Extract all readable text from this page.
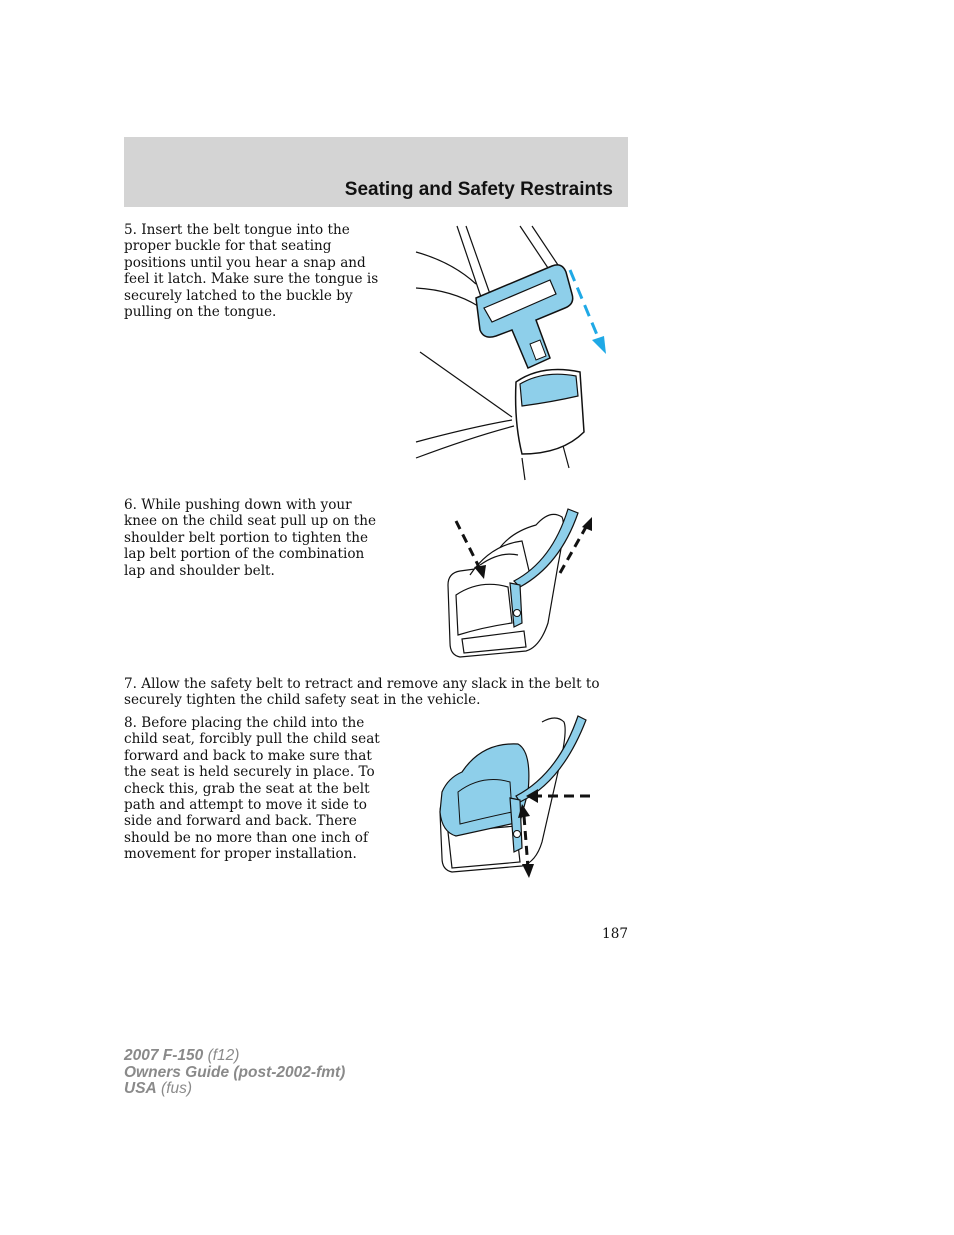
Seating and Safety Restraints

5. Insert the belt tongue into the proper buckle for that seating positions until you hear a snap and feel it latch. Make sure the tongue is securely latched to the buckle by pulling on the tongue.

6. While pushing down with your knee on the child seat pull up on the shoulder belt portion to tighten the lap belt portion of the combination lap and shoulder belt.

7. Allow the safety belt to retract and remove any slack in the belt to securely tighten the child safety seat in the vehicle.

8. Before placing the child into the child seat, forcibly pull the child seat forward and back to make sure that the seat is held securely in place. To check this, grab the seat at the belt path and attempt to move it side to side and forward and back. There should be no more than one inch of movement for proper installation.

187

2007 F-150 (f12)
Owners Guide (post-2002-fmt)
USA (fus)
